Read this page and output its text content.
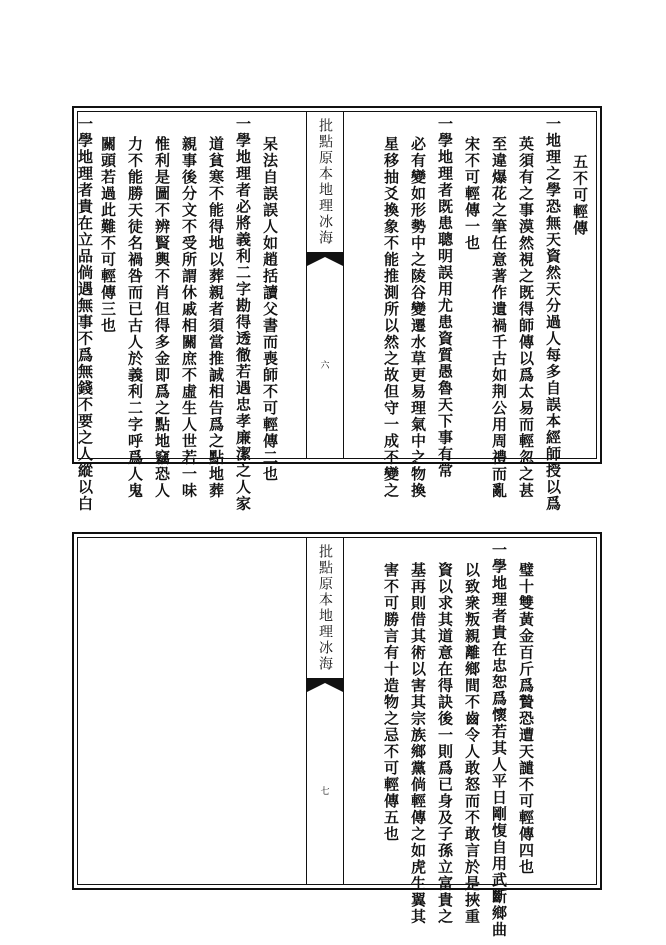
五不可輕傳
一地理之學恐無天資然天分過人每多自誤本經師授以爲
英須有之事漠然視之既得師傳以爲太易而輕忽之甚
至違爆花之筆任意著作遺禍千古如荆公用周禮而亂
宋不可輕傳一也
一學地理者既患聰明誤用尤患資質愚魯天下事有常
必有變如形勢中之陵谷變遷水草更易理氣中之物換
星移抽爻換象不能推測所以然之故但守一成不變之
批點原本地理冰海
六
呆法自誤誤人如趙括讀父書而喪師不可輕傳二也
一學地理者必將義利二字勘得透徹若遇忠孝廉潔之人家
道貧寒不能得地以葬親者須當推誠相告爲之點地葬
親事後分文不受所謂休戚相關庶不虛生人世若一味
惟利是圖不辨賢輿不肖但得多金即爲之點地竊恐人
力不能勝天徒名禍咎而已古人於義利二字呼爲人鬼
關頭若過此難不可輕傳三也
一學地理者貴在立品倘遇無事不爲無錢不要之人縱以白
璧十雙黃金百斤爲贄恐遭天譴不可輕傳四也
一學地理者貴在忠恕爲懷若其人平日剛愎自用武斷鄉曲
以致衆叛親離鄉間不齒令人敢怒而不敢言於是挾重
資以求其道意在得訣後一則爲已身及子孫立富貴之
基再則借其術以害其宗族鄉黨倘輕傳之如虎生翼其
害不可勝言有十造物之忌不可輕傳五也
批點原本地理冰海
七
